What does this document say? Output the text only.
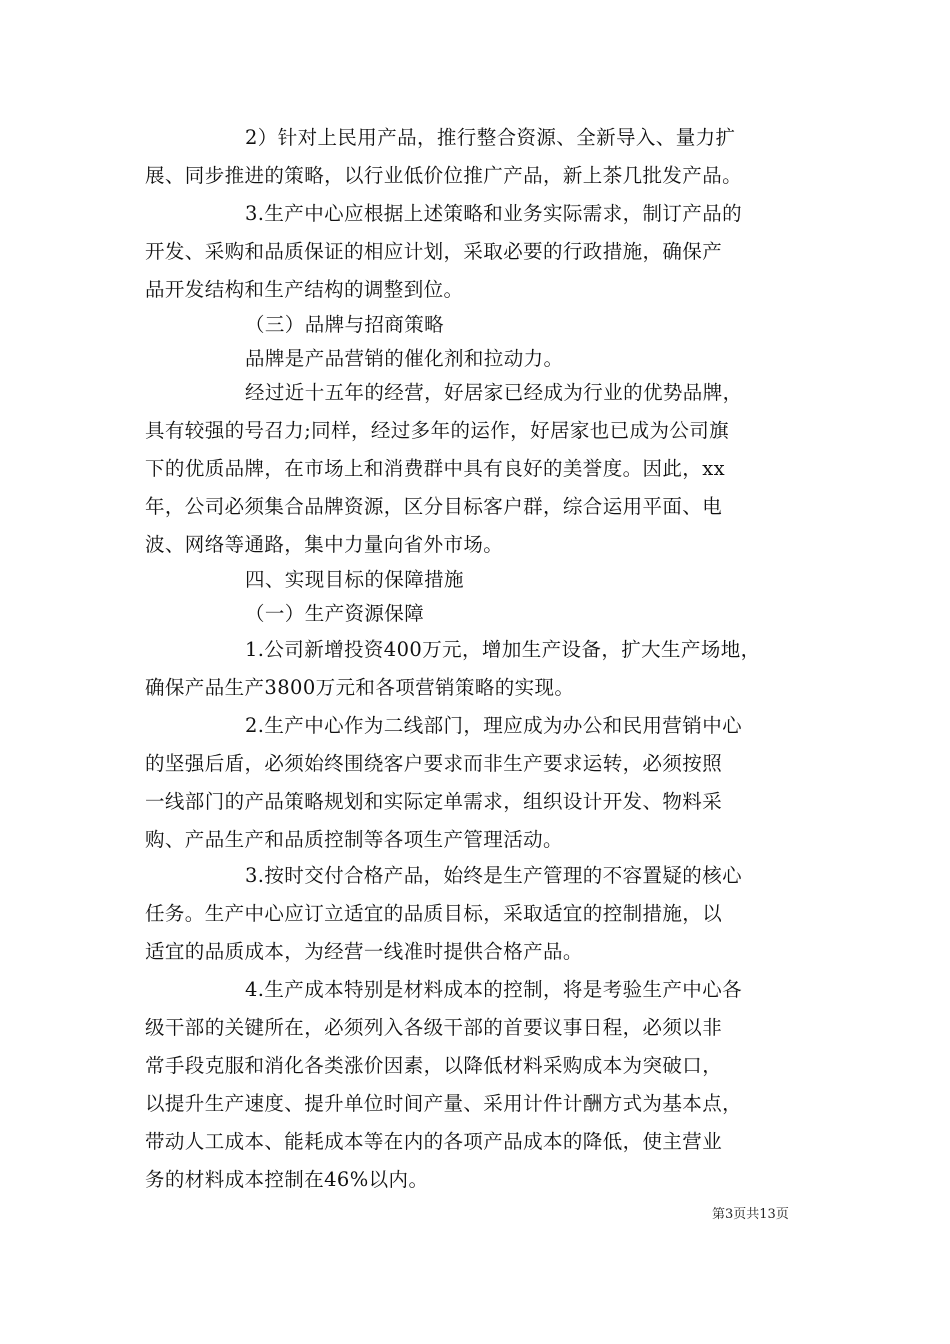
2）针对上民用产品，推行整合资源、全新导入、量力扩
展、同步推进的策略，以行业低价位推广产品，新上茶几批发产品。
3.生产中心应根据上述策略和业务实际需求，制订产品的
开发、采购和品质保证的相应计划，采取必要的行政措施，确保产
品开发结构和生产结构的调整到位。
（三）品牌与招商策略
品牌是产品营销的催化剂和拉动力。
经过近十五年的经营，好居家已经成为行业的优势品牌，
具有较强的号召力;同样，经过多年的运作，好居家也已成为公司旗
下的优质品牌，在市场上和消费群中具有良好的美誉度。因此，xx
年，公司必须集合品牌资源，区分目标客户群，综合运用平面、电
波、网络等通路，集中力量向省外市场。
四、实现目标的保障措施
（一）生产资源保障
1.公司新增投资400万元，增加生产设备，扩大生产场地，
确保产品生产3800万元和各项营销策略的实现。
2.生产中心作为二线部门，理应成为办公和民用营销中心
的坚强后盾，必须始终围绕客户要求而非生产要求运转，必须按照
一线部门的产品策略规划和实际定单需求，组织设计开发、物料采
购、产品生产和品质控制等各项生产管理活动。
3.按时交付合格产品，始终是生产管理的不容置疑的核心
任务。生产中心应订立适宜的品质目标，采取适宜的控制措施，以
适宜的品质成本，为经营一线准时提供合格产品。
4.生产成本特别是材料成本的控制，将是考验生产中心各
级干部的关键所在，必须列入各级干部的首要议事日程，必须以非
常手段克服和消化各类涨价因素，以降低材料采购成本为突破口，
以提升生产速度、提升单位时间产量、采用计件计酬方式为基本点，
带动人工成本、能耗成本等在内的各项产品成本的降低，使主营业
务的材料成本控制在46%以内。
第3页共13页
